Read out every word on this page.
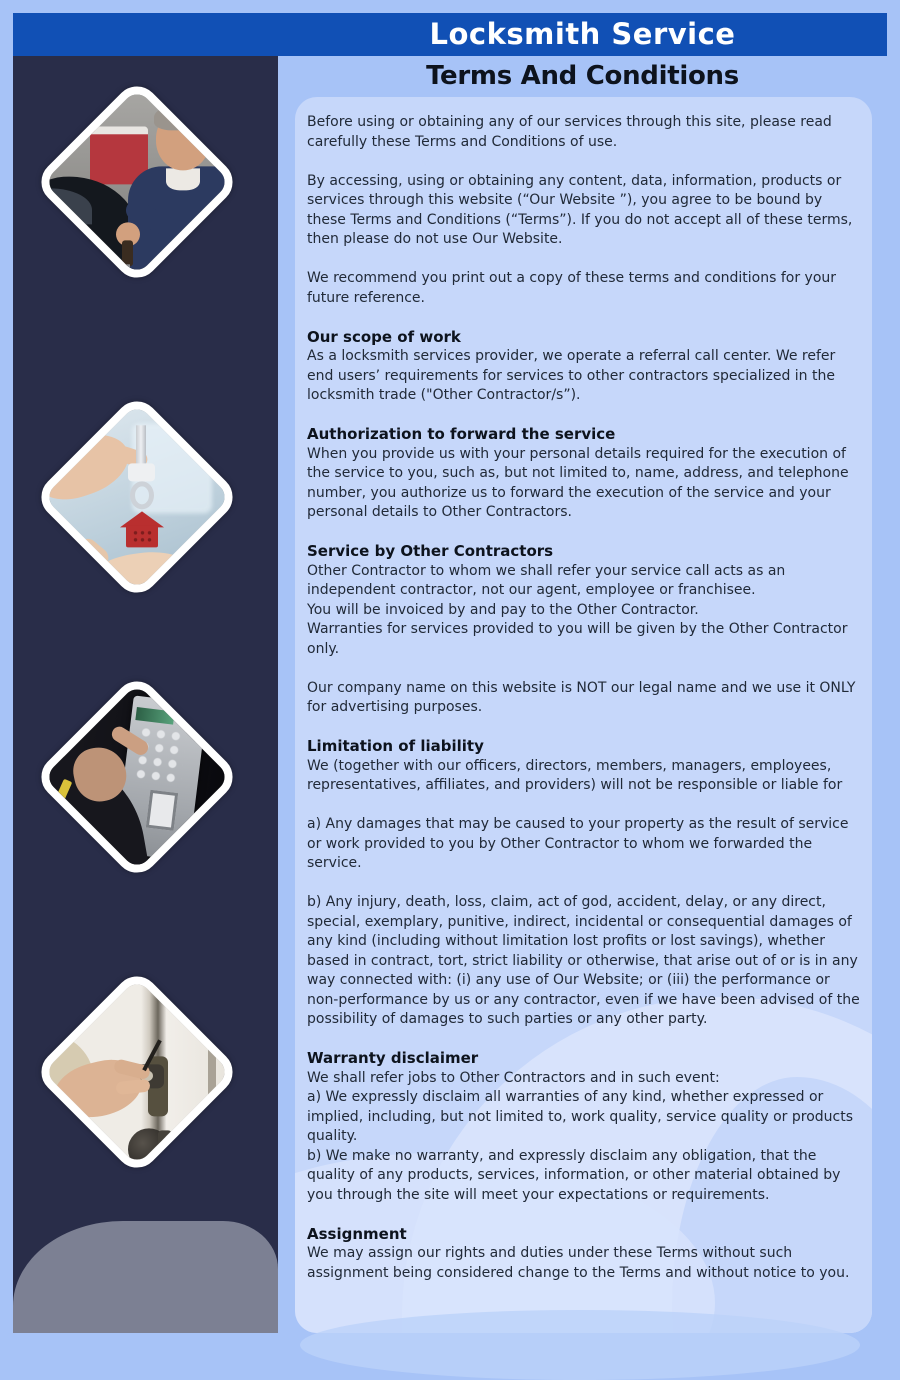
Locksmith Service
Terms And Conditions

Before using or obtaining any of our services through this site, please read carefully these Terms and Conditions of use.

By accessing, using or obtaining any content, data, information, products or services through this website (“Our Website ”), you agree to be bound by these Terms and Conditions (“Terms”). If you do not accept all of these terms, then please do not use Our Website.

We recommend you print out a copy of these terms and conditions for your future reference.

Our scope of work

As a locksmith services provider, we operate a referral call center. We refer end users’ requirements for services to other contractors specialized in the locksmith trade ("Other Contractor/s”).

Authorization to forward the service

When you provide us with your personal details required for the execution of the service to you, such as, but not limited to, name, address, and telephone number, you authorize us to forward the execution of the service and your personal details to Other Contractors.

Service by Other Contractors
Other Contractor to whom we shall refer your service call acts as an independent contractor, not our agent, employee or franchisee.
You will be invoiced by and pay to the Other Contractor.
Warranties for services provided to you will be given by the Other Contractor only.

Our company name on this website is NOT our legal name and we use it ONLY for advertising purposes.

Limitation of liability

We (together with our officers, directors, members, managers, employees, representatives, affiliates, and providers) will not be responsible or liable for

a) Any damages that may be caused to your property as the result of service or work provided to you by Other Contractor to whom we forwarded the service.

b) Any injury, death, loss, claim, act of god, accident, delay, or any direct, special, exemplary, punitive, indirect, incidental or consequential damages of any kind (including without limitation lost profits or lost savings), whether based in contract, tort, strict liability or otherwise, that arise out of or is in any way connected with: (i) any use of Our Website; or (iii) the performance or non-performance by us or any contractor, even if we have been advised of the possibility of damages to such parties or any other party.

Warranty disclaimer
We shall refer jobs to Other Contractors and in such event:
a) We expressly disclaim all warranties of any kind, whether expressed or implied, including, but not limited to, work quality, service quality or products quality.
b) We make no warranty, and expressly disclaim any obligation, that the quality of any products, services, information, or other material obtained by you through the site will meet your expectations or requirements.
Assignment

We may assign our rights and duties under these Terms without such assignment being considered change to the Terms and without notice to you.
